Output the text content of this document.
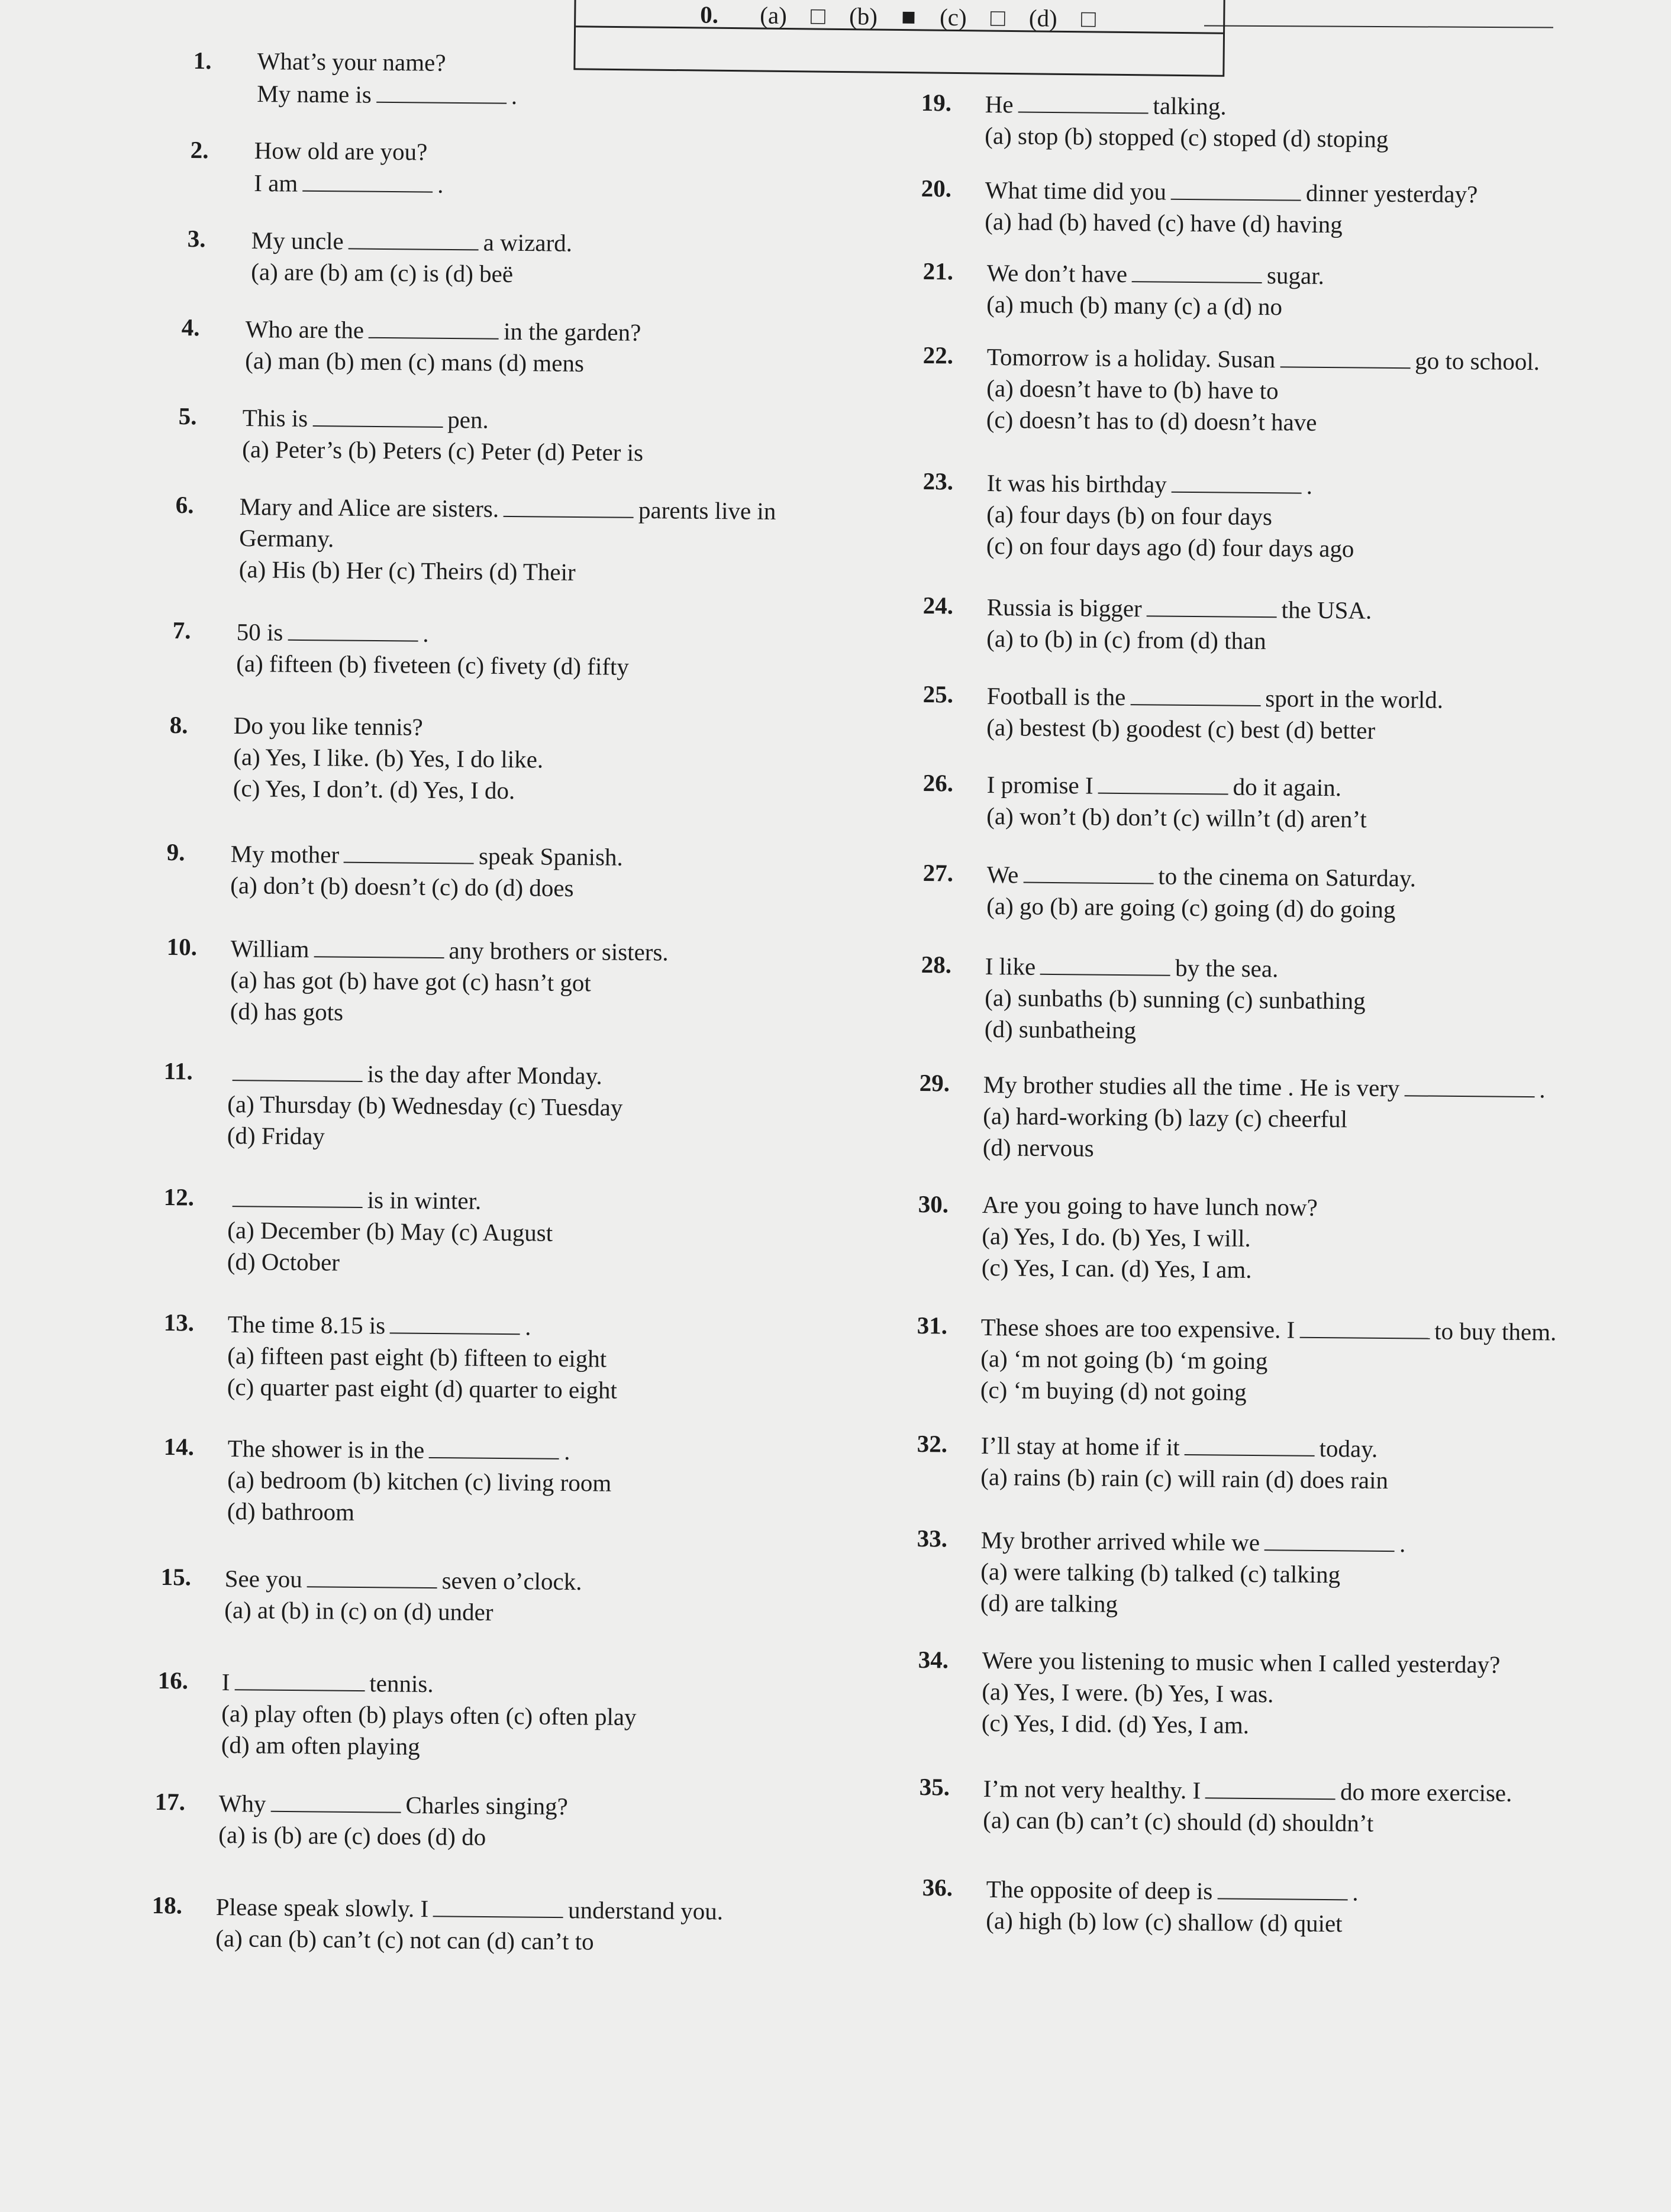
0. (a) □ (b) ■ (c) □ (d) □
1. What’s your name?
My name is	.
2. How old are you?
I am	.
3. My uncle	a wizard.
(a) are (b) am (c) is (d) beë
4. Who are the	in the garden?
(a) man (b) men (c) mans (d) mens
5. This is	pen.
(a) Peter’s (b) Peters (c) Peter (d) Peter is
6. Mary and Alice are sisters.	parents live in
Germany.
(a) His (b) Her (c) Theirs (d) Their
7. 50 is	.
(a) fifteen (b) fiveteen (c) fivety (d) fifty
8. Do you like tennis?
(a) Yes, I like. (b) Yes, I do like.
(c) Yes, I don’t. (d) Yes, I do.
9. My mother	speak Spanish.
(a) don’t (b) doesn’t (c) do (d) does
10. William	any brothers or sisters.
(a) has got (b) have got (c) hasn’t got
(d) has gots
11.	is the day after Monday.
(a) Thursday (b) Wednesday (c) Tuesday
(d) Friday
12.	is in winter.
(a) December (b) May (c) August
(d) October
13. The time 8.15 is	.
(a) fifteen past eight (b) fifteen to eight
(c) quarter past eight (d) quarter to eight
14. The shower is in the	.
(a) bedroom (b) kitchen (c) living room
(d) bathroom
15. See you	seven o’clock.
(a) at (b) in (c) on (d) under
16. I	tennis.
(a) play often (b) plays often (c) often play
(d) am often playing
17. Why	Charles singing?
(a) is (b) are (c) does (d) do
18. Please speak slowly. I	understand you.
(a) can (b) can’t (c) not can (d) can’t to
19. He	talking.
(a) stop (b) stopped (c) stoped (d) stoping
20. What time did you	dinner yesterday?
(a) had (b) haved (c) have (d) having
21. We don’t have	sugar.
(a) much (b) many (c) a (d) no
22. Tomorrow is a holiday. Susan	go to school.
(a) doesn’t have to (b) have to
(c) doesn’t has to (d) doesn’t have
23. It was his birthday	.
(a) four days (b) on four days
(c) on four days ago (d) four days ago
24. Russia is bigger	the USA.
(a) to (b) in (c) from (d) than
25. Football is the	sport in the world.
(a) bestest (b) goodest (c) best (d) better
26. I promise I	do it again.
(a) won’t (b) don’t (c) willn’t (d) aren’t
27. We	to the cinema on Saturday.
(a) go (b) are going (c) going (d) do going
28. I like	by the sea.
(a) sunbaths (b) sunning (c) sunbathing
(d) sunbatheing
29. My brother studies all the time . He is very	.
(a) hard-working (b) lazy (c) cheerful
(d) nervous
30. Are you going to have lunch now?
(a) Yes, I do. (b) Yes, I will.
(c) Yes, I can. (d) Yes, I am.
31. These shoes are too expensive. I	to buy them.
(a) ‘m not going (b) ‘m going
(c) ‘m buying (d) not going
32. I’ll stay at home if it	today.
(a) rains (b) rain (c) will rain (d) does rain
33. My brother arrived while we	.
(a) were talking (b) talked (c) talking
(d) are talking
34. Were you listening to music when I called yesterday?
(a) Yes, I were. (b) Yes, I was.
(c) Yes, I did. (d) Yes, I am.
35. I’m not very healthy. I	do more exercise.
(a) can (b) can’t (c) should (d) shouldn’t
36. The opposite of deep is	.
(a) high (b) low (c) shallow (d) quiet
